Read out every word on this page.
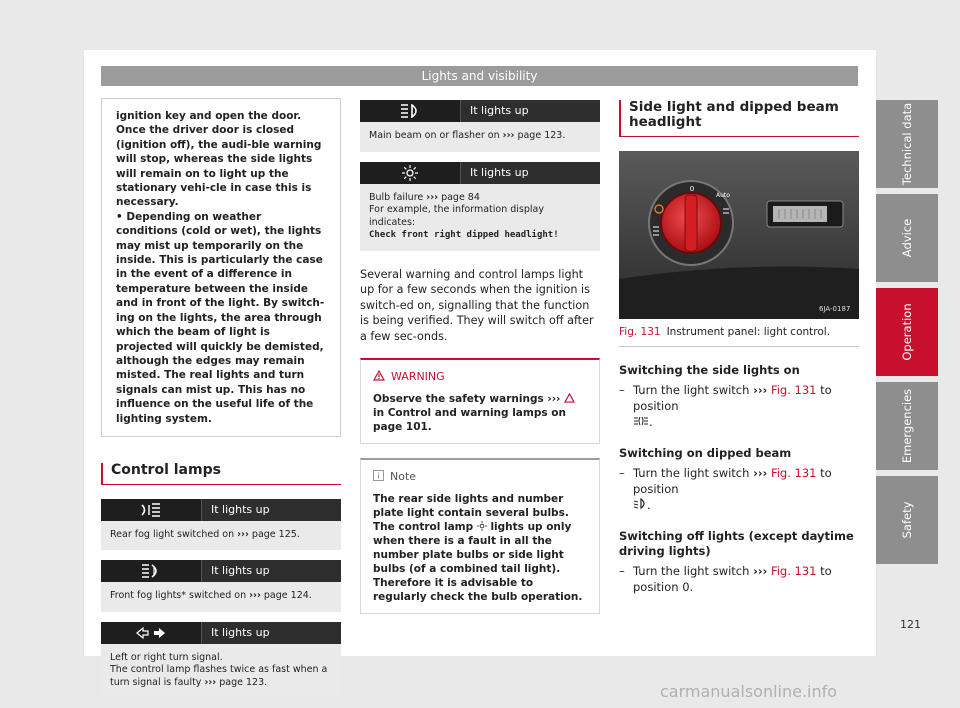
Lights and visibility

ignition key and open the door. Once the driver door is closed (ignition off), the audi-ble warning will stop, whereas the side lights will remain on to light up the stationary vehi-cle in case this is necessary.

• Depending on weather conditions (cold or wet), the lights may mist up temporarily on the inside. This is particularly the case in the event of a difference in temperature between the inside and in front of the light. By switch-ing on the lights, the area through which the beam of light is projected will quickly be demisted, although the edges may remain misted. The real lights and turn signals can mist up. This has no influence on the useful life of the lighting system.

Control lamps
It lights up
Rear fog light switched on ››› page 125.
It lights up
Front fog lights* switched on ››› page 124.
It lights up
Left or right turn signal.
The control lamp flashes twice as fast when a turn signal is faulty ››› page 123.
It lights up
Main beam on or flasher on ››› page 123.
It lights up
Bulb failure ››› page 84
For example, the information display indicates:
Check front right dipped headlight!

Several warning and control lamps light up for a few seconds when the ignition is switch-ed on, signalling that the function is being verified. They will switch off after a few sec-onds.

WARNING
Observe the safety warnings ›››  in Control and warning lamps on page 101.
Note
The rear side lights and number plate light contain several bulbs. The control lamp lights up only when there is a fault in all the number plate bulbs or side light bulbs (of a combined tail light). Therefore it is advisable to regularly check the bulb operation.
Side light and dipped beam headlight
0
Auto
6JA-0187

Fig. 131 Instrument panel: light control.

Switching the side lights on
– Turn the light switch ››› Fig. 131 to position
.
Switching on dipped beam
– Turn the light switch ››› Fig. 131 to position
.
Switching off lights (except daytime driving lights)
– Turn the light switch ››› Fig. 131 to position 0.
Technical data
Advice
Operation
Emergencies
Safety
121
carmanualsonline.info
